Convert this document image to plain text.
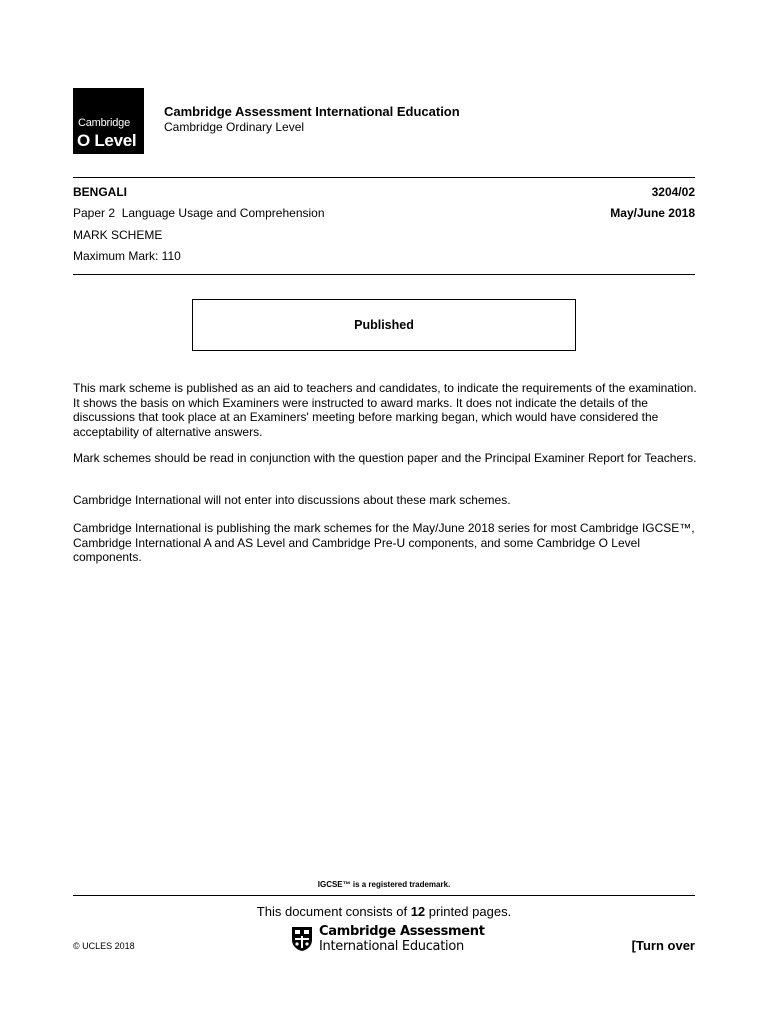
Cambridge
O Level
Cambridge Assessment International Education
Cambridge Ordinary Level
BENGALI	3204/02
Paper 2  Language Usage and Comprehension	May/June 2018
MARK SCHEME
Maximum Mark: 110
Published
This mark scheme is published as an aid to teachers and candidates, to indicate the requirements of the examination. It shows the basis on which Examiners were instructed to award marks. It does not indicate the details of the discussions that took place at an Examiners' meeting before marking began, which would have considered the acceptability of alternative answers.
Mark schemes should be read in conjunction with the question paper and the Principal Examiner Report for Teachers.
Cambridge International will not enter into discussions about these mark schemes.
Cambridge International is publishing the mark schemes for the May/June 2018 series for most Cambridge IGCSE™, Cambridge International A and AS Level and Cambridge Pre-U components, and some Cambridge O Level components.
IGCSE™ is a registered trademark.
This document consists of 12 printed pages.
© UCLES 2018
Cambridge Assessment
International Education	[Turn over
